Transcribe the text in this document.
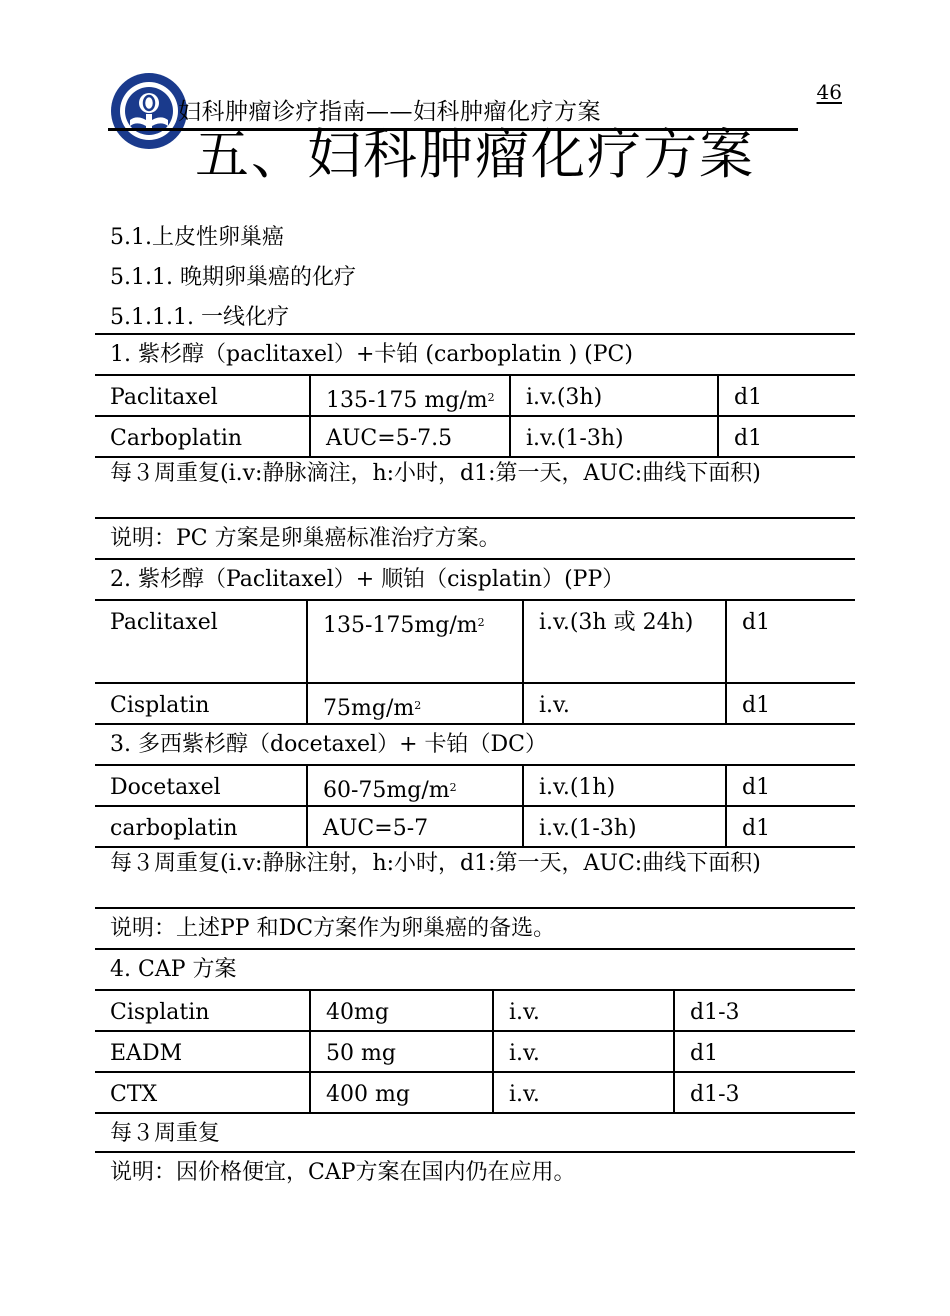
46
妇科肿瘤诊疗指南——妇科肿瘤化疗方案
五、妇科肿瘤化疗方案
5.1.上皮性卵巢癌
5.1.1. 晚期卵巢癌的化疗
5.1.1.1. 一线化疗
1. 紫杉醇（paclitaxel）+卡铂 (carboplatin ) (PC)
Paclitaxel	135-175 $mg/m^2$	i.v.(3h)	d1
Carboplatin	AUC=5-7.5	i.v.(1-3h)	d1
每３周重复(i.v:静脉滴注，h:小时，d1:第一天，AUC:曲线下面积)
说明：PC 方案是卵巢癌标准治疗方案。
2. 紫杉醇（Paclitaxel）+ 顺铂（cisplatin）(PP）
Paclitaxel	$135-175mg/m^2$	i.v.(3h 或 24h)	d1
Cisplatin	$75mg/m^2$	i.v.	d1
3. 多西紫杉醇（docetaxel）+ 卡铂（DC）
Docetaxel	$60-75mg/m^2$	i.v.(1h)	d1
carboplatin	AUC=5-7	i.v.(1-3h)	d1
每３周重复(i.v:静脉注射，h:小时，d1:第一天，AUC:曲线下面积)
说明：上述PP 和DC方案作为卵巢癌的备选。
4. CAP 方案
Cisplatin	40mg	i.v.	d1-3
EADM	50 mg	i.v.	d1
CTX	400 mg	i.v.	d1-3
每３周重复
说明：因价格便宜，CAP方案在国内仍在应用。
